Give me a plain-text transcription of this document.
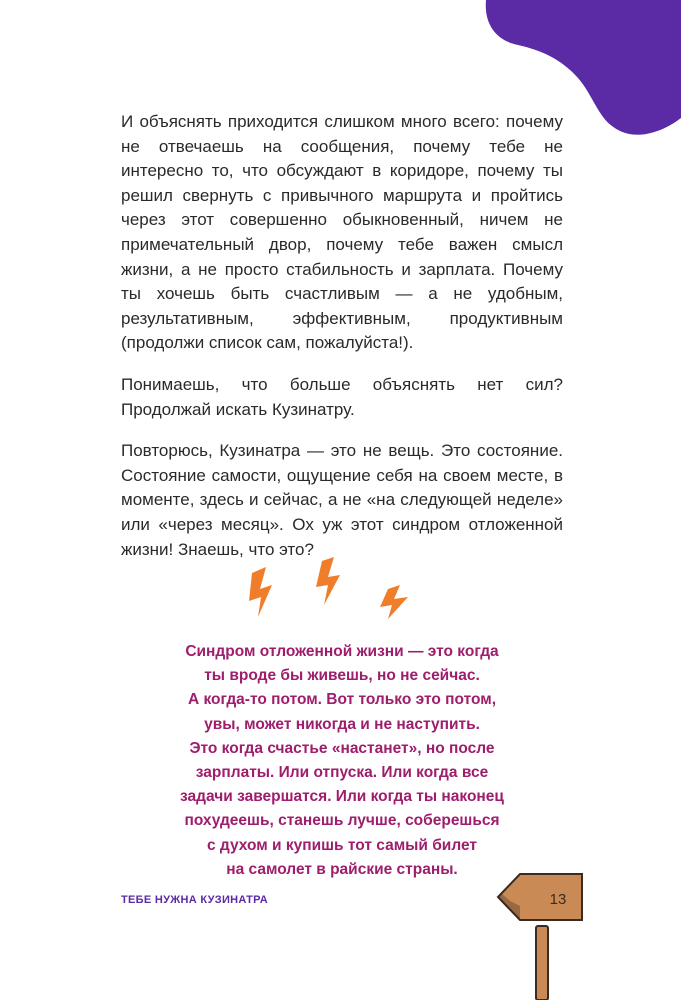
И объяснять приходится слишком много всего: почему не отвечаешь на сообщения, почему тебе не интересно то, что обсуждают в коридоре, почему ты решил свернуть с привычного маршрута и пройтись через этот совершенно обыкновенный, ничем не примечательный двор, почему тебе важен смысл жизни, а не просто стабильность и зарплата. Почему ты хочешь быть счастливым — а не удобным, результативным, эффективным, продуктивным (продолжи список сам, пожалуйста!).

Понимаешь, что больше объяснять нет сил? Продолжай искать Кузинатру.

Повторюсь, Кузинатра — это не вещь. Это состояние. Состояние самости, ощущение себя на своем месте, в моменте, здесь и сейчас, а не «на следующей неделе» или «через месяц». Ох уж этот синдром отложенной жизни! Знаешь, что это?

Синдром отложенной жизни — это когда
ты вроде бы живешь, но не сейчас.
А когда-то потом. Вот только это потом,
увы, может никогда и не наступить.
Это когда счастье «настанет», но после
зарплаты. Или отпуска. Или когда все
задачи завершатся. Или когда ты наконец
похудеешь, станешь лучше, соберешься
с духом и купишь тот самый билет
на самолет в райские страны.
ТЕБЕ НУЖНА КУЗИНАТРА	13
